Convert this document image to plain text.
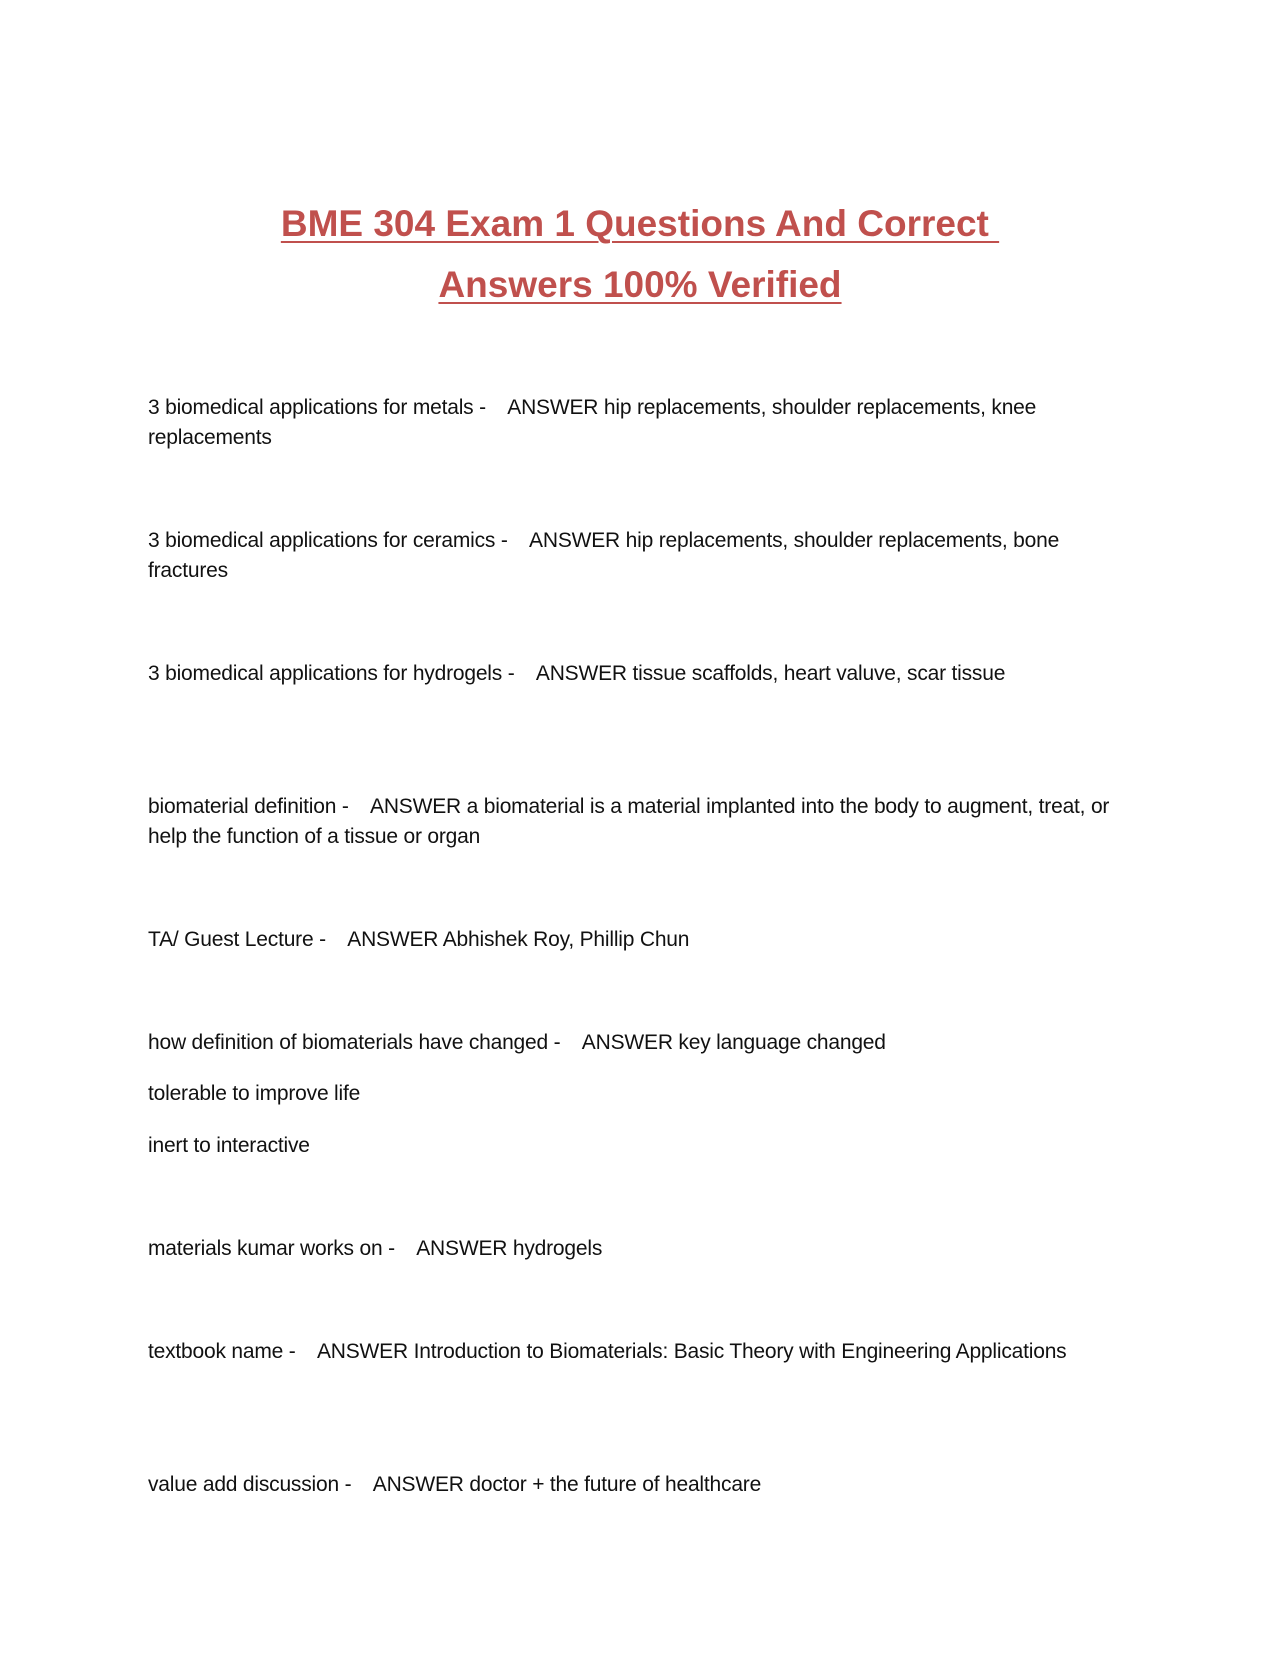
BME 304 Exam 1 Questions And Correct
Answers 100% Verified
3 biomedical applications for metals -    ANSWER hip replacements, shoulder replacements, knee replacements
3 biomedical applications for ceramics -    ANSWER hip replacements, shoulder replacements, bone fractures
3 biomedical applications for hydrogels -    ANSWER tissue scaffolds, heart valuve, scar tissue
biomaterial definition -    ANSWER a biomaterial is a material implanted into the body to augment, treat, or help the function of a tissue or organ
TA/ Guest Lecture -    ANSWER Abhishek Roy, Phillip Chun
how definition of biomaterials have changed -    ANSWER key language changed
tolerable to improve life
inert to interactive
materials kumar works on -    ANSWER hydrogels
textbook name -    ANSWER Introduction to Biomaterials: Basic Theory with Engineering Applications
value add discussion -    ANSWER doctor + the future of healthcare
